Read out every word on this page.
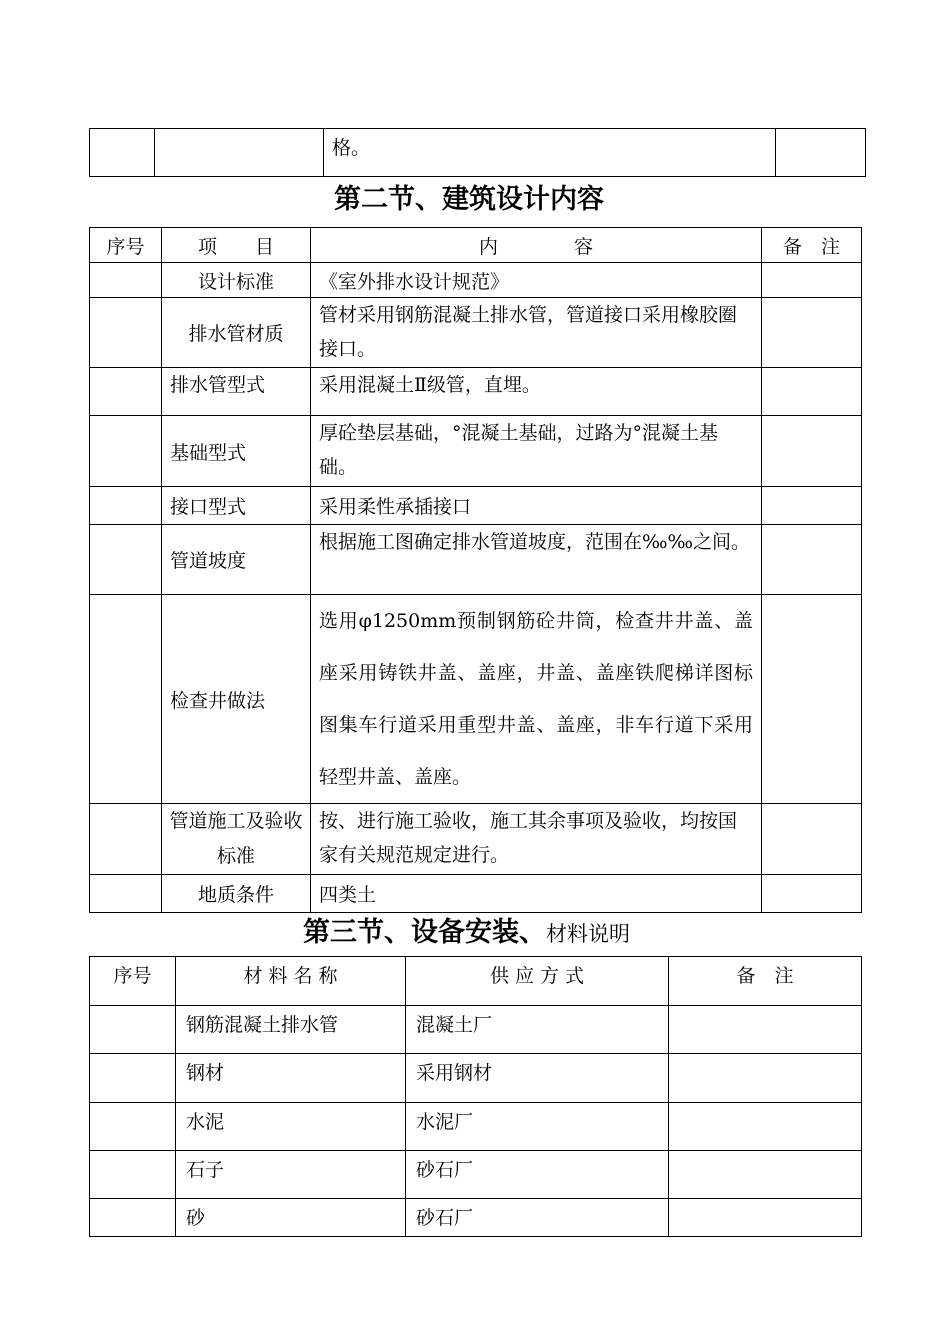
		格。	
第二节、建筑设计内容
序号	项　　目	内　　　　容	备　注
	设计标准	《室外排水设计规范》	
	排水管材质	管材采用钢筋混凝土排水管，管道接口采用橡胶圈接口。	
	排水管型式	采用混凝土Ⅱ级管，直埋。	
	基础型式	厚砼垫层基础，°混凝土基础，过路为°混凝土基础。	
	接口型式	采用柔性承插接口	
	管道坡度	根据施工图确定排水管道坡度，范围在‰‰之间。	
	检查井做法	选用φ1250mm预制钢筋砼井筒，检查井井盖、盖座采用铸铁井盖、盖座，井盖、盖座铁爬梯详图标图集车行道采用重型井盖、盖座，非车行道下采用轻型井盖、盖座。	
	管道施工及验收标准	按、进行施工验收，施工其余事项及验收，均按国家有关规范规定进行。	
	地质条件	四类土	
第三节、设备安装、材料说明
序号	材 料 名 称	供 应 方 式	备　注
	钢筋混凝土排水管	混凝土厂	
	钢材	采用钢材	
	水泥	水泥厂	
	石子	砂石厂	
	砂	砂石厂	
